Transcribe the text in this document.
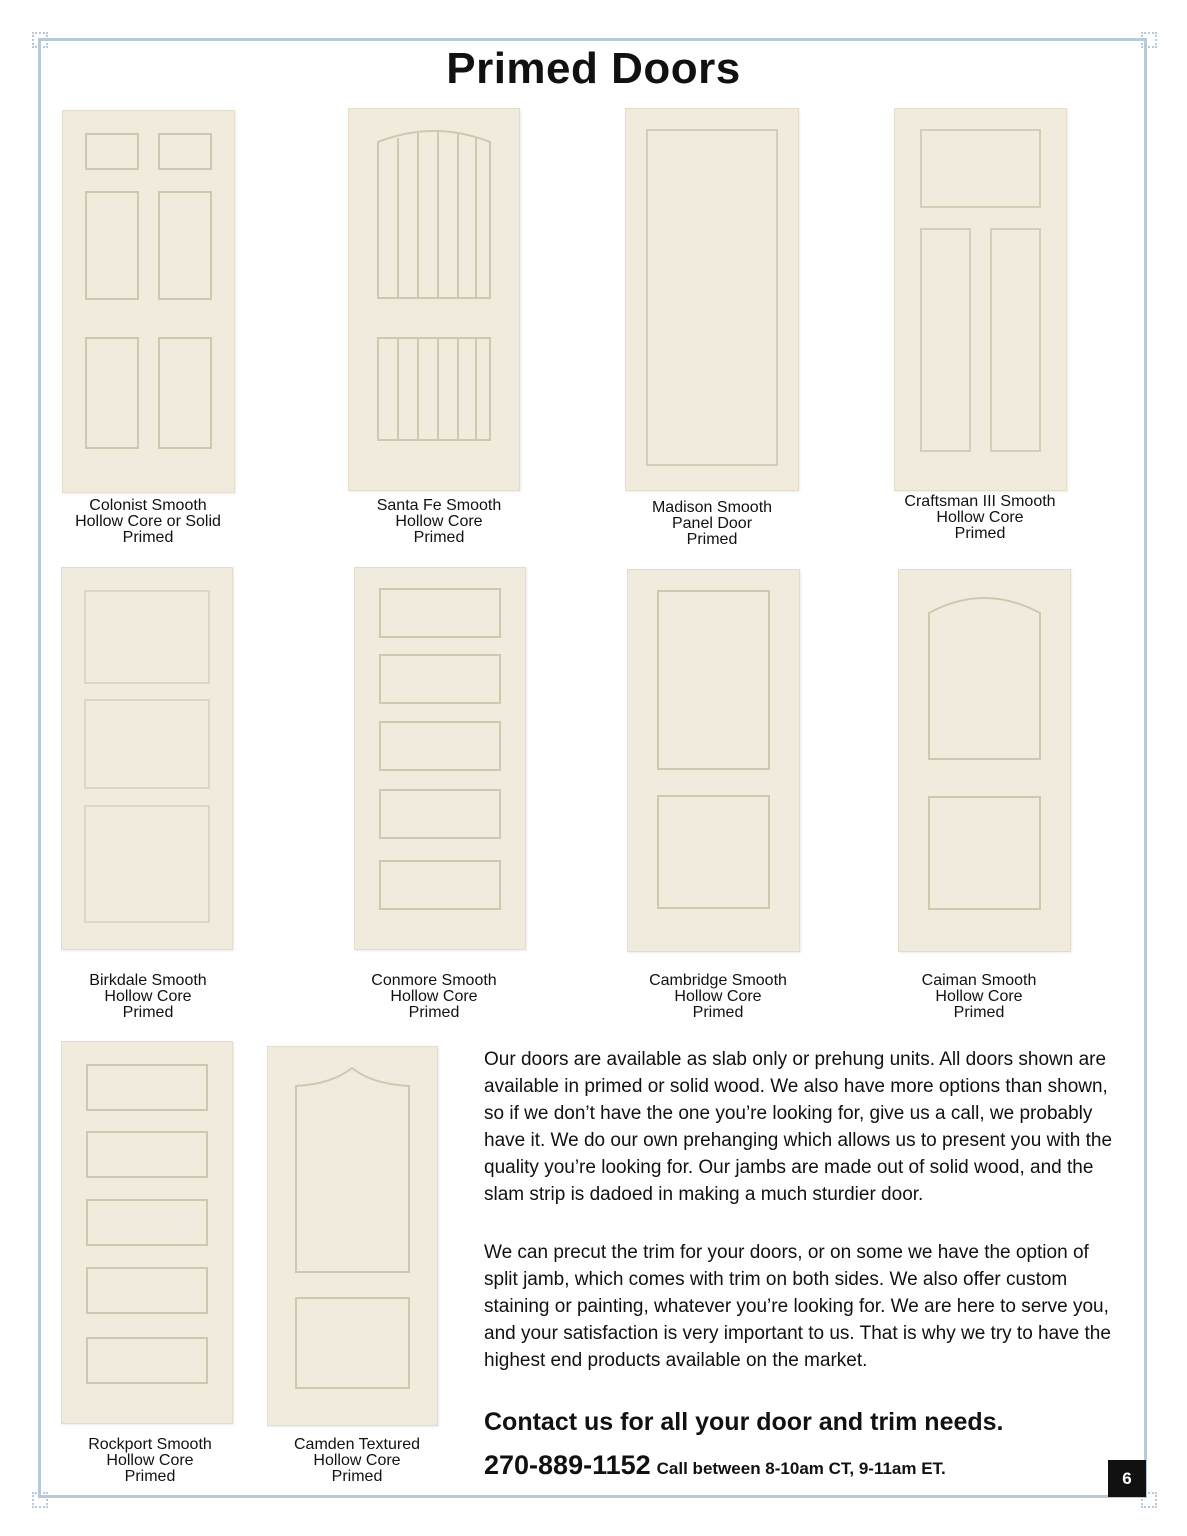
Primed Doors
Colonist Smooth
Hollow Core or Solid
Primed
Santa Fe Smooth
Hollow Core
Primed
Madison Smooth
Panel Door
Primed
Craftsman III Smooth
Hollow Core
Primed
Birkdale Smooth
Hollow Core
Primed
Conmore Smooth
Hollow Core
Primed
Cambridge Smooth
Hollow Core
Primed
Caiman Smooth
Hollow Core
Primed
Rockport Smooth
Hollow Core
Primed
Camden Textured
Hollow Core
Primed

Our doors are available as slab only or prehung units. All doors shown are available in primed or solid wood. We also have more options than shown, so if we don’t have the one you’re looking for, give us a call, we probably have it. We do our own prehanging which allows us to present you with the quality you’re looking for. Our jambs are made out of solid wood, and the slam strip is dadoed in making a much sturdier door.

We can precut the trim for your doors, or on some we have the option of split jamb, which comes with trim on both sides. We also offer custom staining or painting, whatever you’re looking for. We are here to serve you, and your satisfaction is very important to us. That is why we try to have the highest end products available on the market.

Contact us for all your door and trim needs.
270-889-1152 Call between 8-10am CT, 9-11am ET.	6
